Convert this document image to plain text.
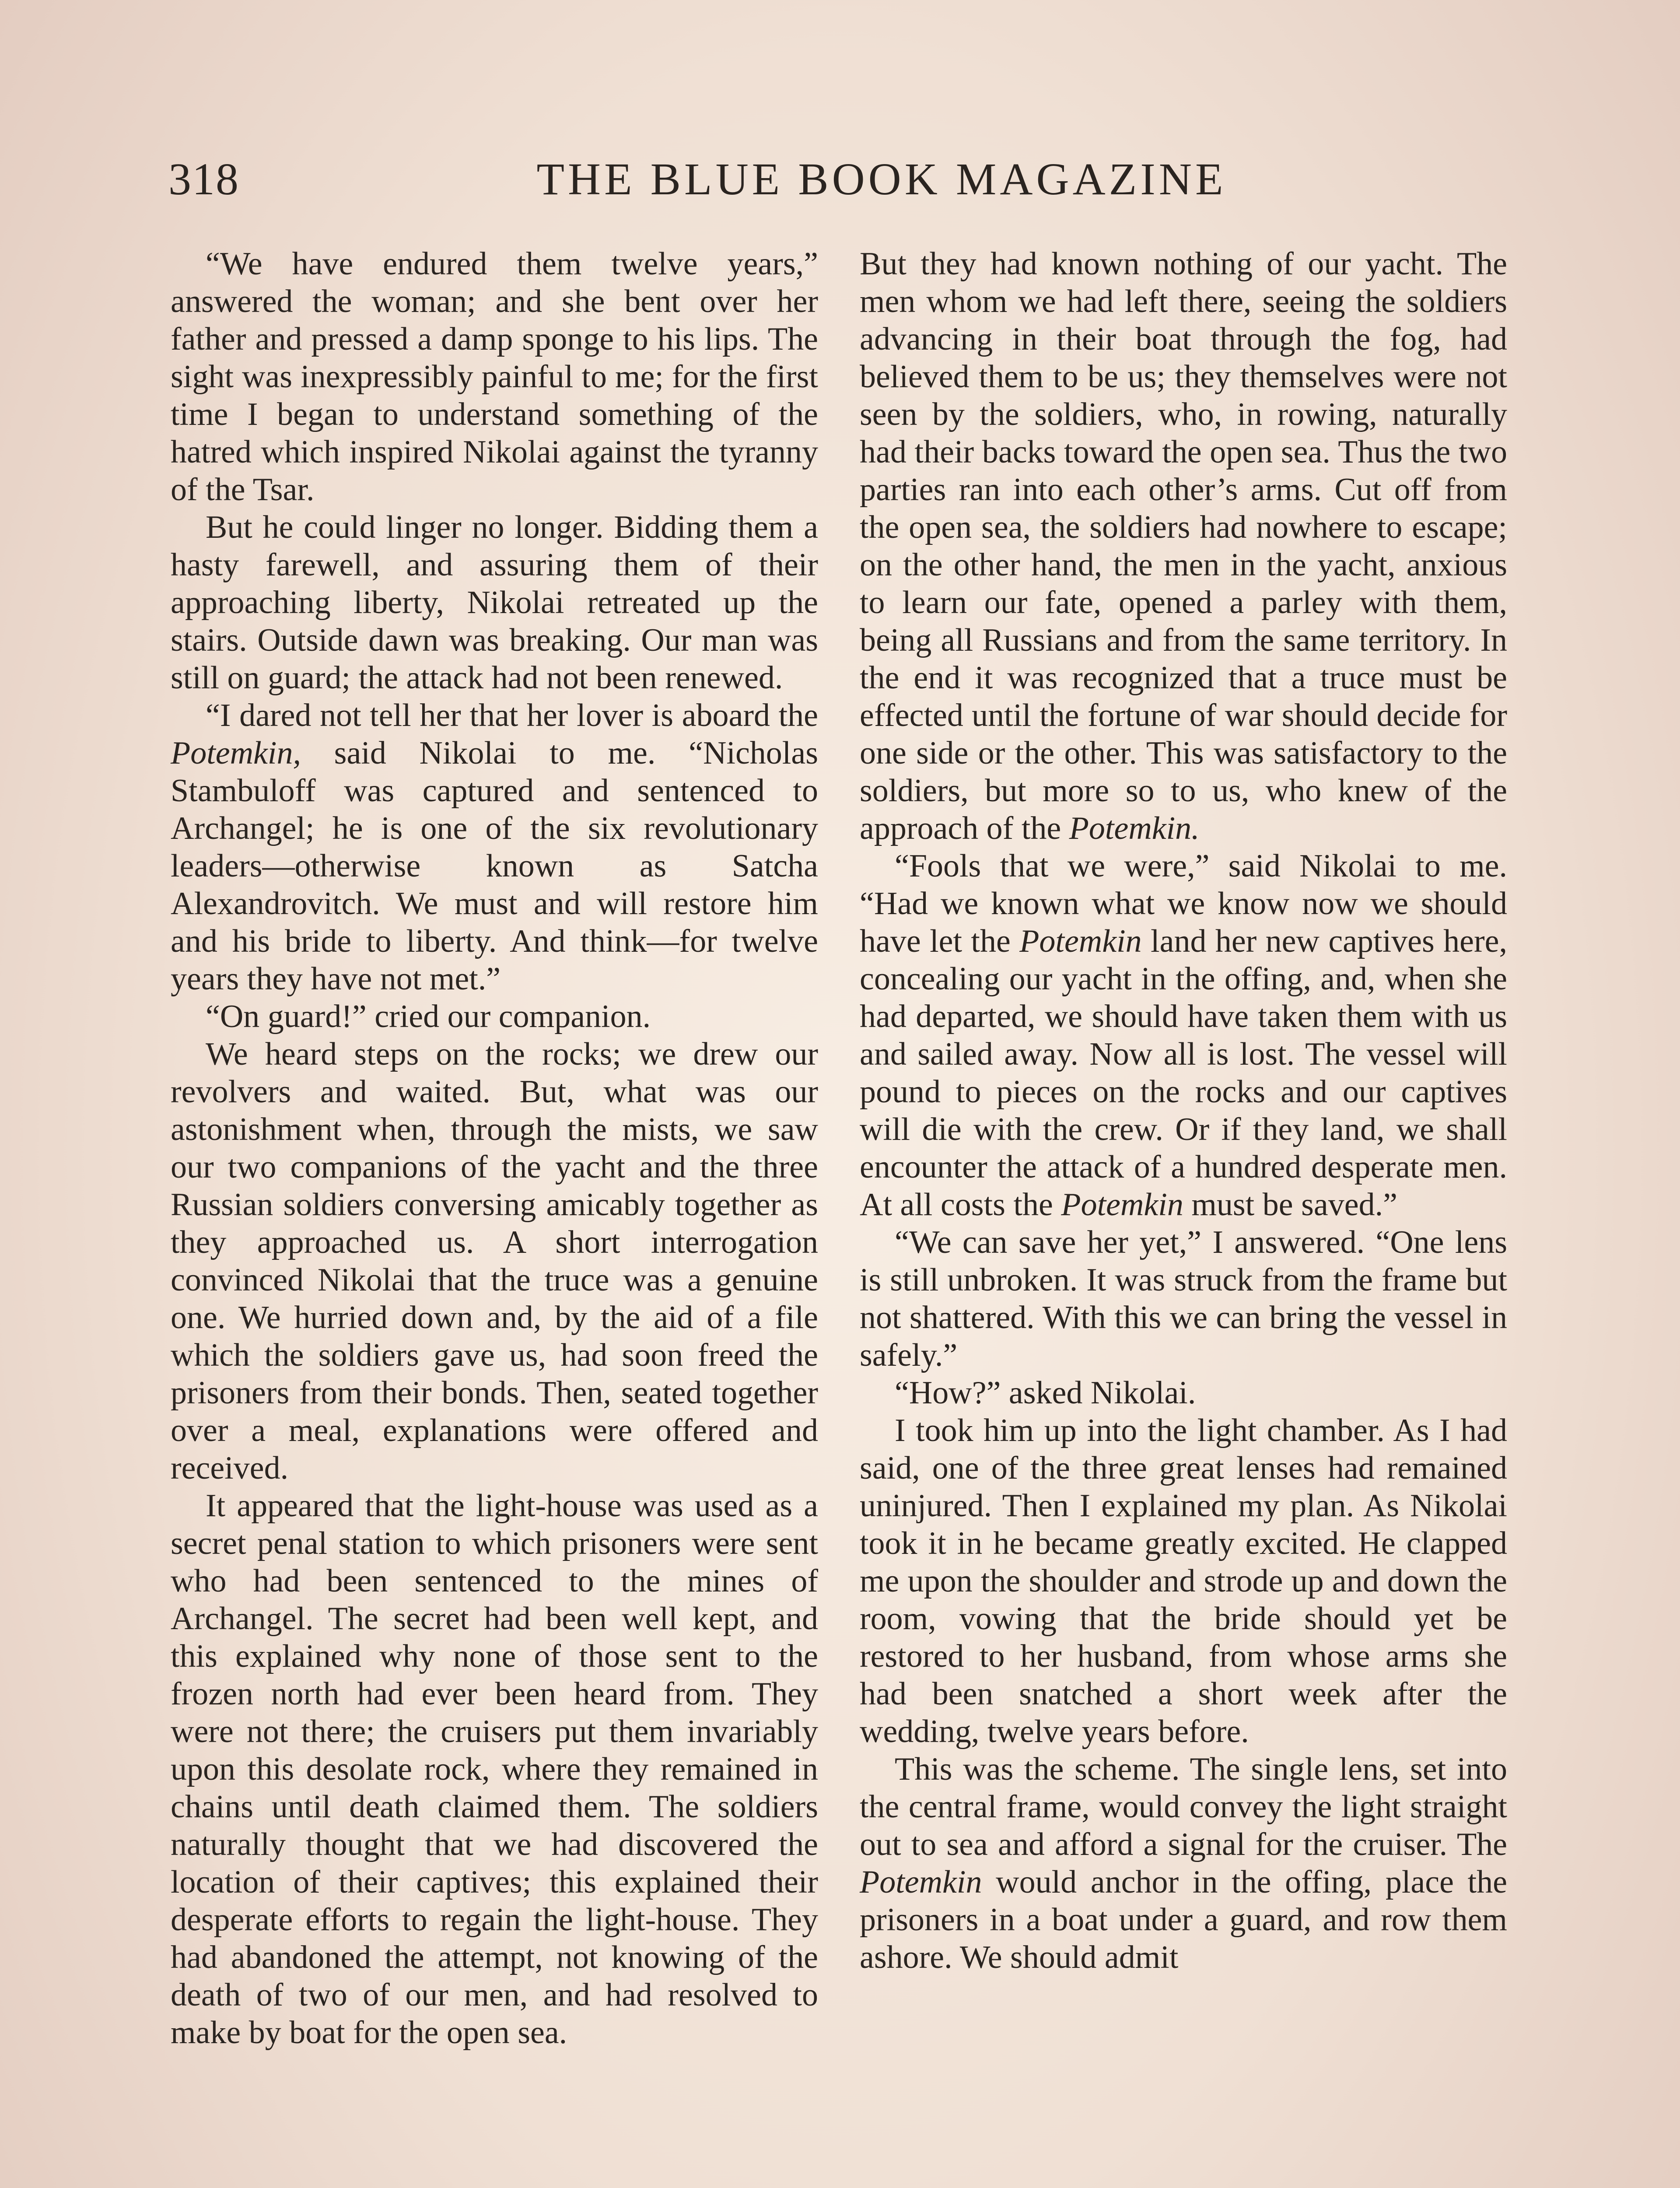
318	THE BLUE BOOK MAGAZINE

“We have endured them twelve years,” answered the woman; and she bent over her father and pressed a damp sponge to his lips. The sight was inexpressibly painful to me; for the first time I began to understand something of the hatred which inspired Nikolai against the tyranny of the Tsar.

But he could linger no longer. Bidding them a hasty farewell, and assuring them of their approaching liberty, Nikolai retreated up the stairs. Outside dawn was breaking. Our man was still on guard; the attack had not been renewed.

“I dared not tell her that her lover is aboard the Potemkin, said Nikolai to me. “Nicholas Stambuloff was captured and sentenced to Archangel; he is one of the six revolutionary leaders—otherwise known as Satcha Alexandrovitch. We must and will restore him and his bride to liberty. And think—for twelve years they have not met.”

“On guard!” cried our companion.

We heard steps on the rocks; we drew our revolvers and waited. But, what was our astonishment when, through the mists, we saw our two companions of the yacht and the three Russian soldiers conversing amicably together as they approached us. A short interrogation convinced Nikolai that the truce was a genuine one. We hurried down and, by the aid of a file which the soldiers gave us, had soon freed the prisoners from their bonds. Then, seated together over a meal, explanations were offered and received.

It appeared that the light-house was used as a secret penal station to which prisoners were sent who had been sentenced to the mines of Archangel. The secret had been well kept, and this explained why none of those sent to the frozen north had ever been heard from. They were not there; the cruisers put them invariably upon this desolate rock, where they remained in chains until death claimed them. The soldiers naturally thought that we had discovered the location of their captives; this explained their desperate efforts to regain the light-house. They had abandoned the attempt, not knowing of the death of two of our men, and had resolved to make by boat for the open sea.

But they had known nothing of our yacht. The men whom we had left there, seeing the soldiers advancing in their boat through the fog, had believed them to be us; they themselves were not seen by the soldiers, who, in rowing, naturally had their backs toward the open sea. Thus the two parties ran into each other’s arms. Cut off from the open sea, the soldiers had nowhere to escape; on the other hand, the men in the yacht, anxious to learn our fate, opened a parley with them, being all Russians and from the same territory. In the end it was recognized that a truce must be effected until the fortune of war should decide for one side or the other. This was satisfactory to the soldiers, but more so to us, who knew of the approach of the Potemkin.

“Fools that we were,” said Nikolai to me. “Had we known what we know now we should have let the Potemkin land her new captives here, concealing our yacht in the offing, and, when she had departed, we should have taken them with us and sailed away. Now all is lost. The vessel will pound to pieces on the rocks and our captives will die with the crew. Or if they land, we shall encounter the attack of a hundred desperate men. At all costs the Potemkin must be saved.”

“We can save her yet,” I answered. “One lens is still unbroken. It was struck from the frame but not shattered. With this we can bring the vessel in safely.”

“How?” asked Nikolai.

I took him up into the light chamber. As I had said, one of the three great lenses had remained uninjured. Then I explained my plan. As Nikolai took it in he became greatly excited. He clapped me upon the shoulder and strode up and down the room, vowing that the bride should yet be restored to her husband, from whose arms she had been snatched a short week after the wedding, twelve years before.

This was the scheme. The single lens, set into the central frame, would convey the light straight out to sea and afford a signal for the cruiser. The Potemkin would anchor in the offing, place the prisoners in a boat under a guard, and row them ashore. We should admit
